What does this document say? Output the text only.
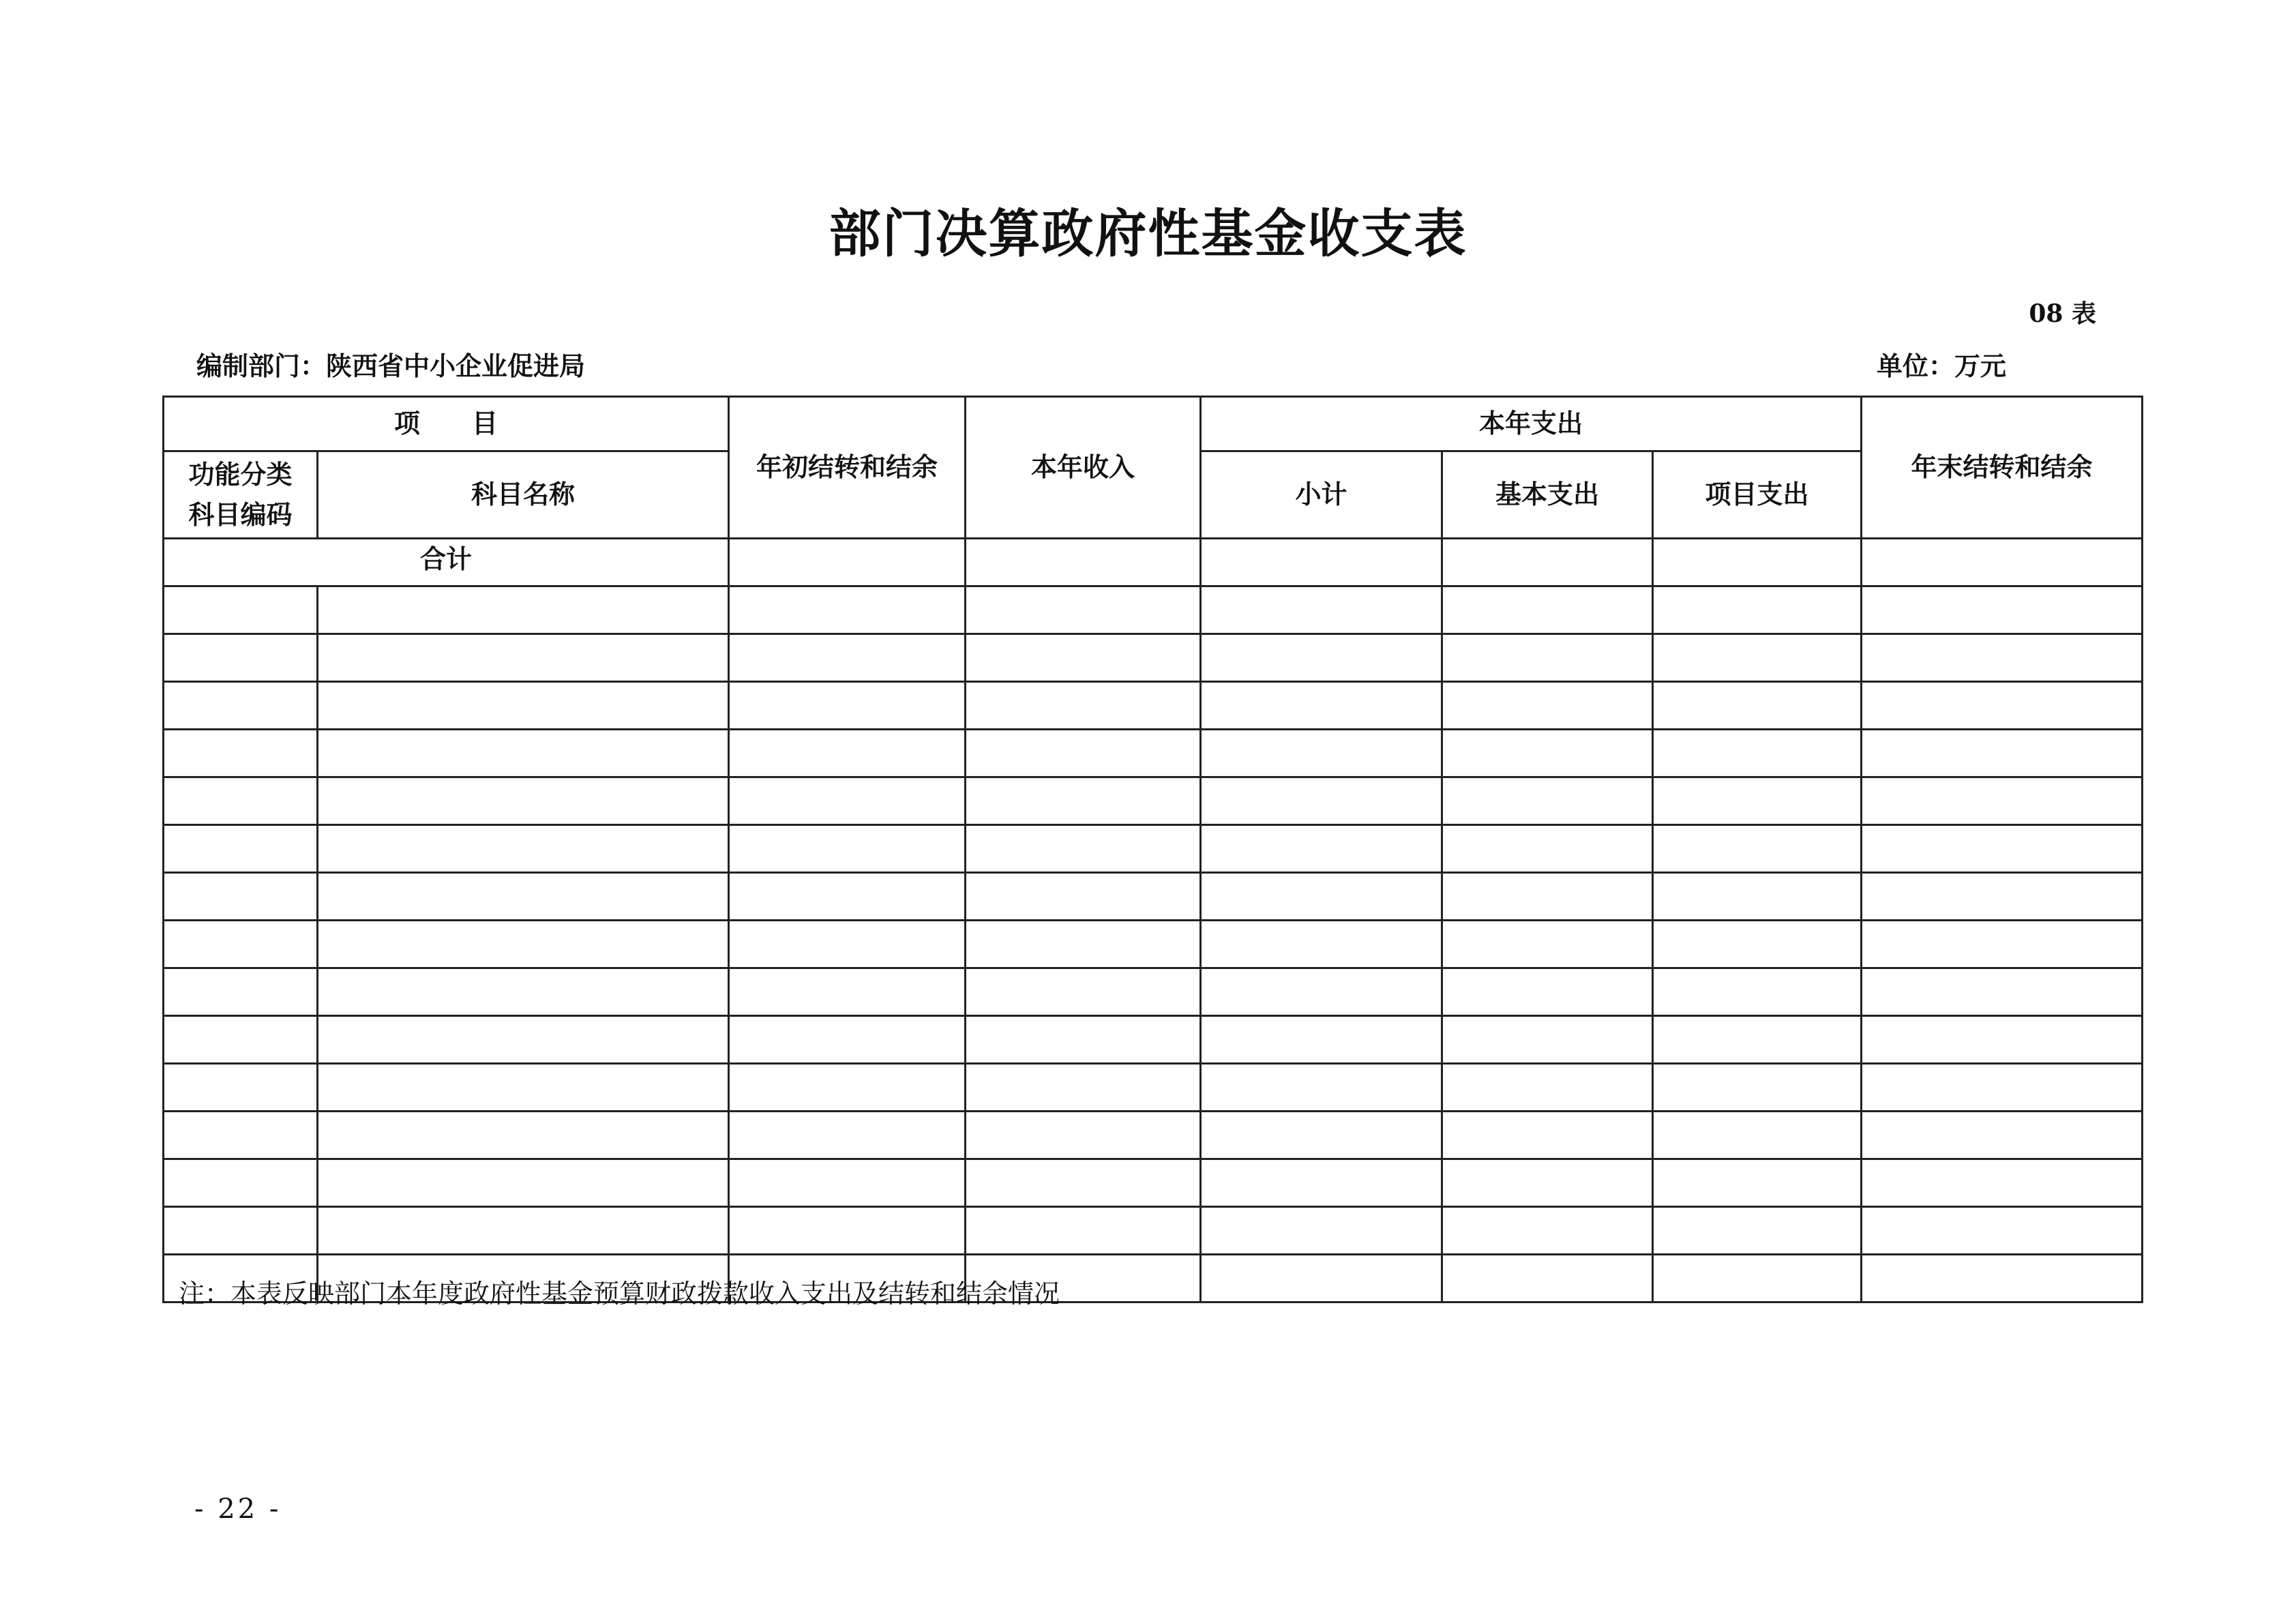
部门决算政府性基金收支表
08 表
编制部门：陕西省中小企业促进局	单位：万元
项　　目		年初结转和结余	本年收入	本年支出			年末结转和结余

功能分类科目编码	科目名称			小计	基本支出	项目支出	
合计							

注：本表反映部门本年度政府性基金预算财政拨款收入支出及结转和结余情况
- 22 -
